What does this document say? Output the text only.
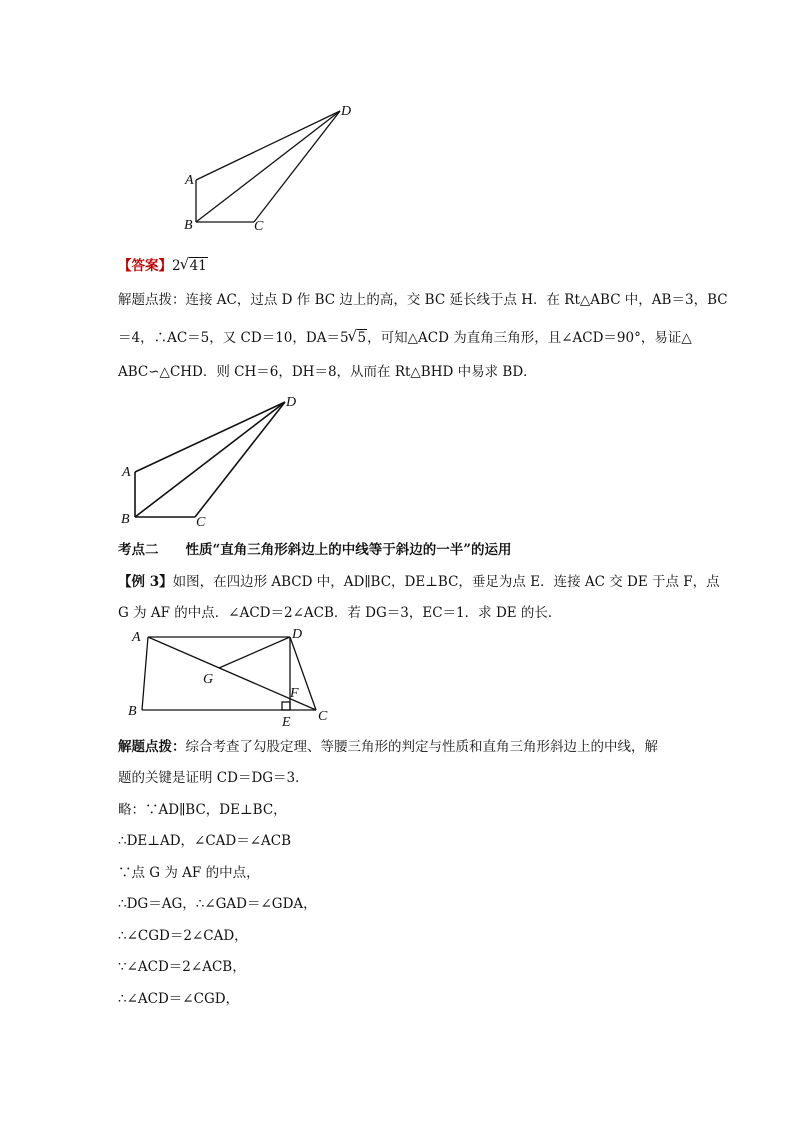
A
B	C
D
【答案】2 √ 41
解题点拨：连接 AC，过点 D 作 BC 边上的高，交 BC 延长线于点 H．在 Rt△ABC 中，AB＝3，BC
＝4，∴AC＝5，又 CD＝10，DA＝5 √ 5，可知△ACD 为直角三角形，且∠ACD＝90°，易证△
ABC∽△CHD．则 CH＝6，DH＝8，从而在 Rt△BHD 中易求 BD．
A
B	C
D
考点二　　性质“直角三角形斜边上的中线等于斜边的一半”的运用
【例 3】如图，在四边形 ABCD 中，AD∥BC，DE⊥BC，垂足为点 E．连接 AC 交 DE 于点 F，点
G 为 AF 的中点．∠ACD＝2∠ACB．若 DG＝3，EC＝1．求 DE 的长．
A
B	C
D
E
F
G
解题点拨：综合考查了勾股定理、等腰三角形的判定与性质和直角三角形斜边上的中线，解
题的关键是证明 CD＝DG＝3．
略：∵AD∥BC，DE⊥BC，
∴DE⊥AD，∠CAD＝∠ACB
∵点 G 为 AF 的中点，
∴DG＝AG，∴∠GAD＝∠GDA，
∴∠CGD＝2∠CAD，
∵∠ACD＝2∠ACB，
∴∠ACD＝∠CGD，
